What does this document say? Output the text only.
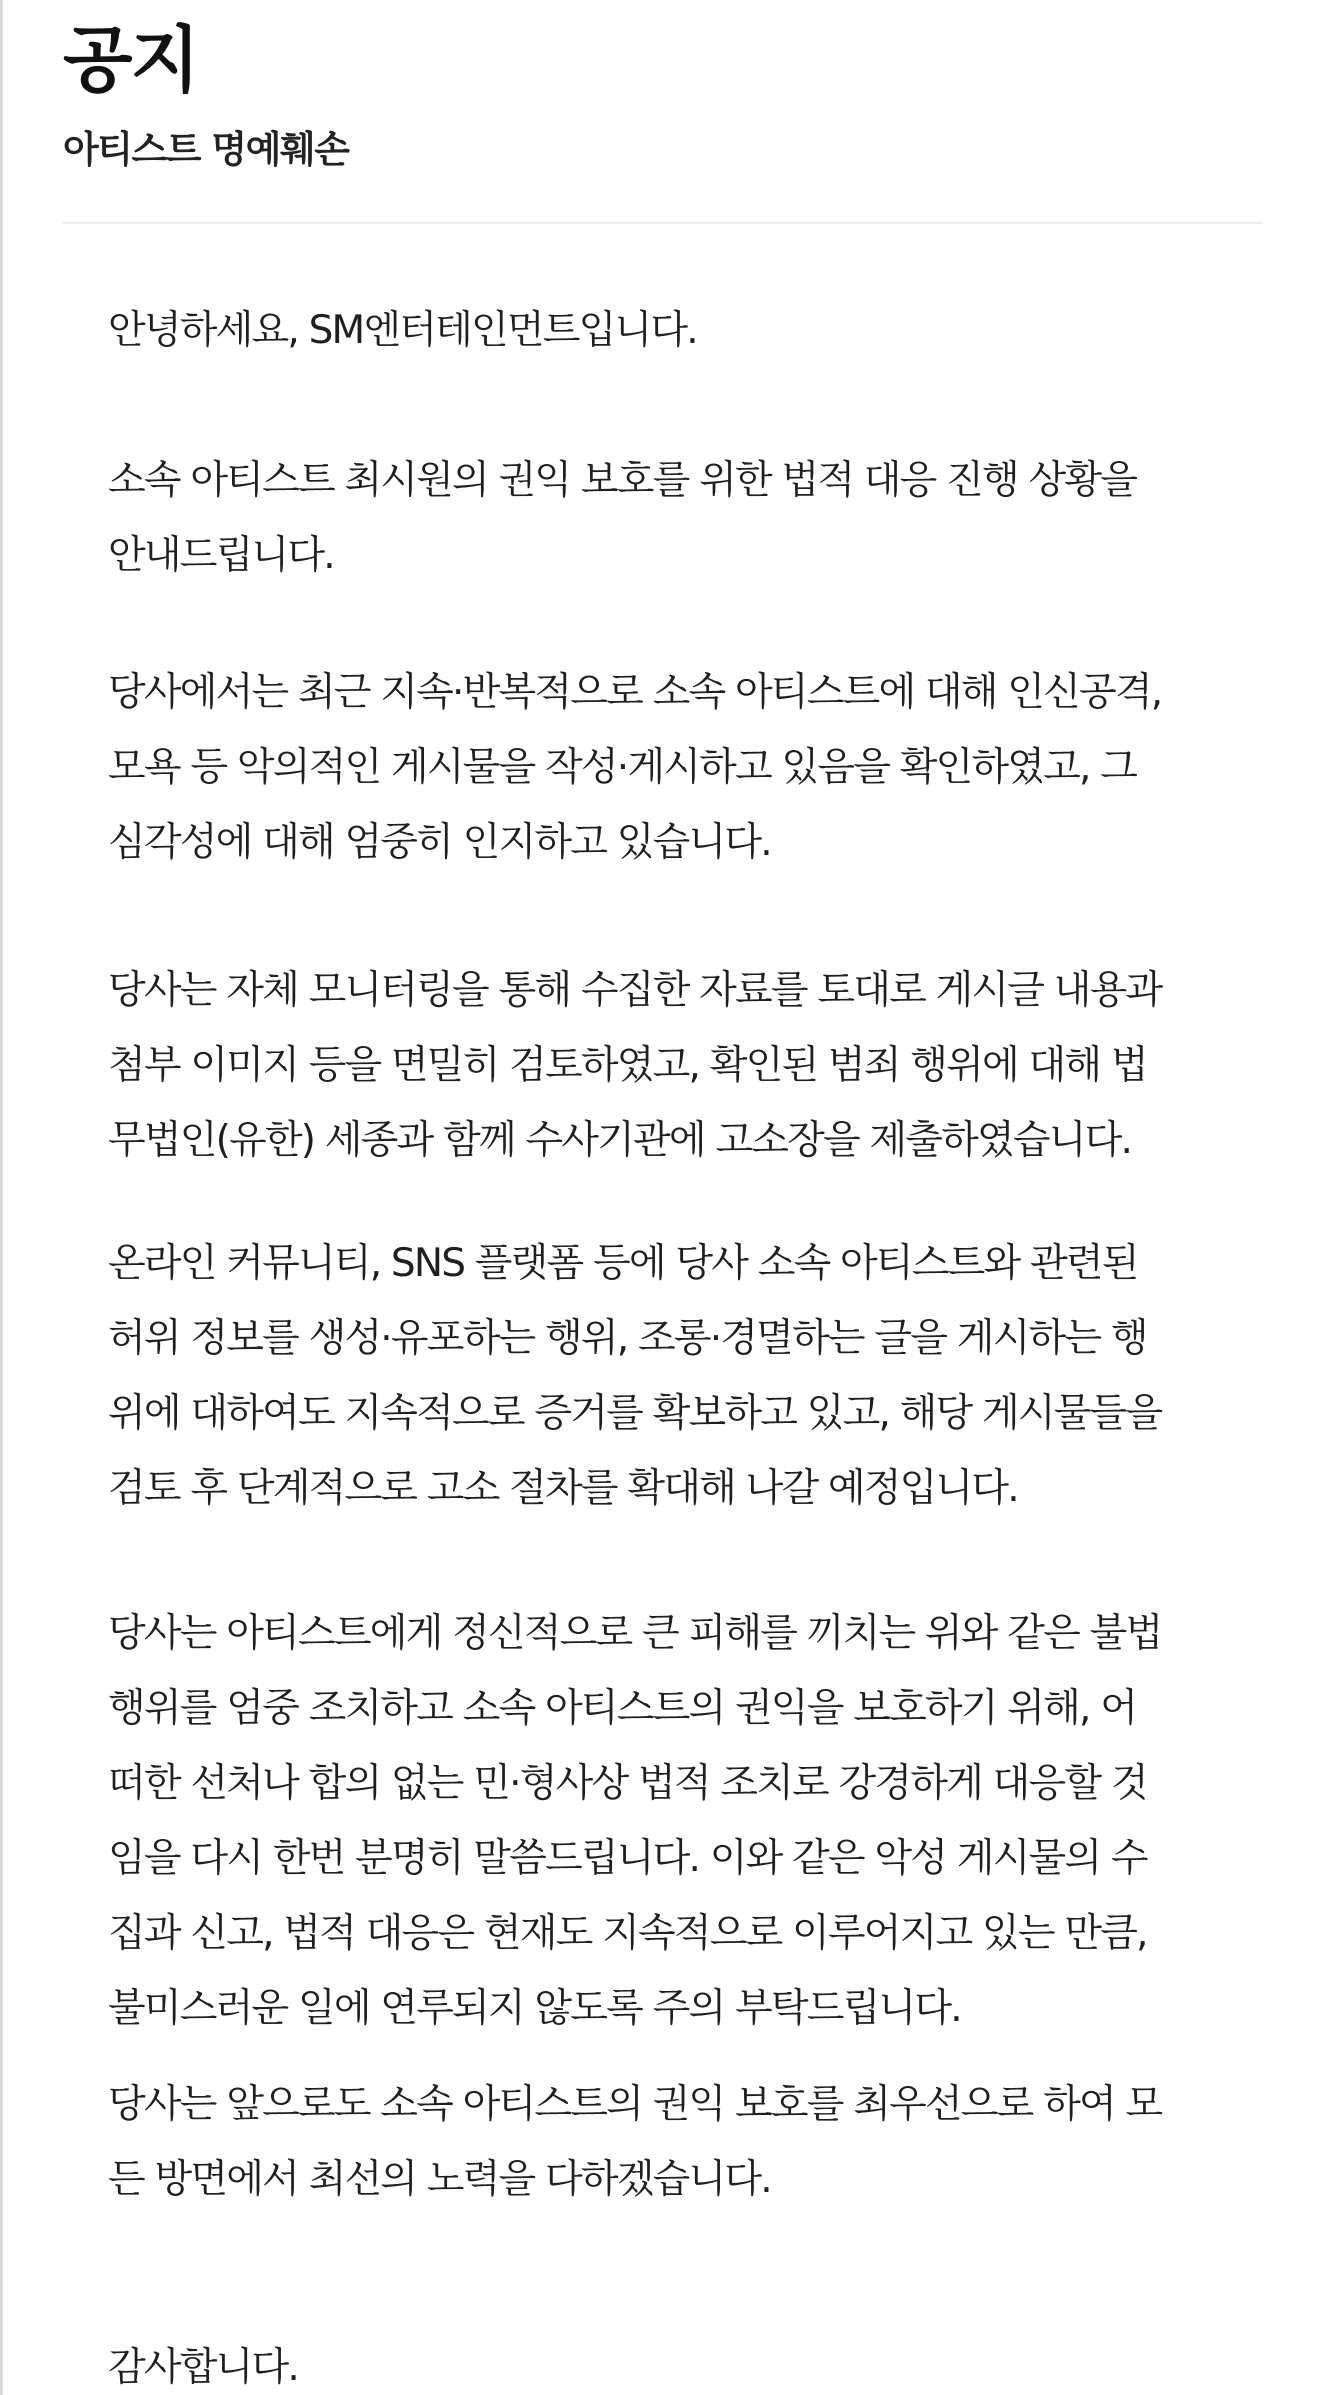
공지
아티스트 명예훼손

안녕하세요, SM엔터테인먼트입니다.

소속 아티스트 최시원의 권익 보호를 위한 법적 대응 진행 상황을
안내드립니다.

당사에서는 최근 지속·반복적으로 소속 아티스트에 대해 인신공격,
모욕 등 악의적인 게시물을 작성·게시하고 있음을 확인하였고, 그
심각성에 대해 엄중히 인지하고 있습니다.

당사는 자체 모니터링을 통해 수집한 자료를 토대로 게시글 내용과
첨부 이미지 등을 면밀히 검토하였고, 확인된 범죄 행위에 대해 법
무법인(유한) 세종과 함께 수사기관에 고소장을 제출하였습니다.

온라인 커뮤니티, SNS 플랫폼 등에 당사 소속 아티스트와 관련된
허위 정보를 생성·유포하는 행위, 조롱·경멸하는 글을 게시하는 행
위에 대하여도 지속적으로 증거를 확보하고 있고, 해당 게시물들을
검토 후 단계적으로 고소 절차를 확대해 나갈 예정입니다.

당사는 아티스트에게 정신적으로 큰 피해를 끼치는 위와 같은 불법
행위를 엄중 조치하고 소속 아티스트의 권익을 보호하기 위해, 어
떠한 선처나 합의 없는 민·형사상 법적 조치로 강경하게 대응할 것
임을 다시 한번 분명히 말씀드립니다. 이와 같은 악성 게시물의 수
집과 신고, 법적 대응은 현재도 지속적으로 이루어지고 있는 만큼,
불미스러운 일에 연루되지 않도록 주의 부탁드립니다.

당사는 앞으로도 소속 아티스트의 권익 보호를 최우선으로 하여 모
든 방면에서 최선의 노력을 다하겠습니다.

감사합니다.
